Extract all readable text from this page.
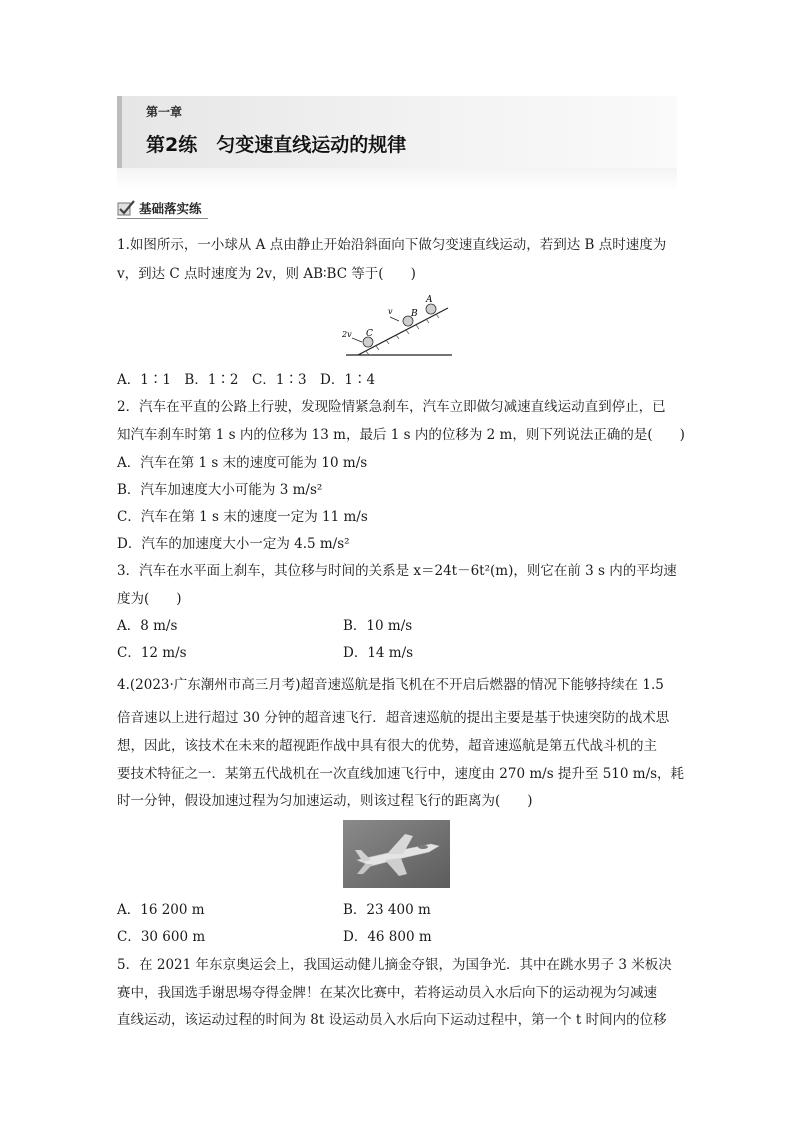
第一章
第2练　匀变速直线运动的规律
基础落实练
1.如图所示，一小球从 A 点由静止开始沿斜面向下做匀变速直线运动，若到达 B 点时速度为
v，到达 C 点时速度为 2v，则 AB∶BC 等于(　　)
A
B
C
v
2v
A．1∶1　B．1∶2　C．1∶3　D．1∶4
2．汽车在平直的公路上行驶，发现险情紧急刹车，汽车立即做匀减速直线运动直到停止，已
知汽车刹车时第 1 s 内的位移为 13 m，最后 1 s 内的位移为 2 m，则下列说法正确的是(　　)
A．汽车在第 1 s 末的速度可能为 10 m/s
B．汽车加速度大小可能为 3 m/s²
C．汽车在第 1 s 末的速度一定为 11 m/s
D．汽车的加速度大小一定为 4.5 m/s²
3．汽车在水平面上刹车，其位移与时间的关系是 x＝24t－6t²(m)，则它在前 3 s 内的平均速
度为(　　)
A．8 m/s	B．10 m/s
C．12 m/s	D．14 m/s
4.(2023·广东潮州市高三月考)超音速巡航是指飞机在不开启后燃器的情况下能够持续在 1.5
倍音速以上进行超过 30 分钟的超音速飞行．超音速巡航的提出主要是基于快速突防的战术思
想，因此，该技术在未来的超视距作战中具有很大的优势，超音速巡航是第五代战斗机的主
要技术特征之一．某第五代战机在一次直线加速飞行中，速度由 270 m/s 提升至 510 m/s，耗
时一分钟，假设加速过程为匀加速运动，则该过程飞行的距离为(　　)
A．16 200 m	B．23 400 m
C．30 600 m	D．46 800 m
5．在 2021 年东京奥运会上，我国运动健儿摘金夺银，为国争光．其中在跳水男子 3 米板决
赛中，我国选手谢思埸夺得金牌！在某次比赛中，若将运动员入水后向下的运动视为匀减速
直线运动，该运动过程的时间为 8t 设运动员入水后向下运动过程中，第一个 t 时间内的位移
